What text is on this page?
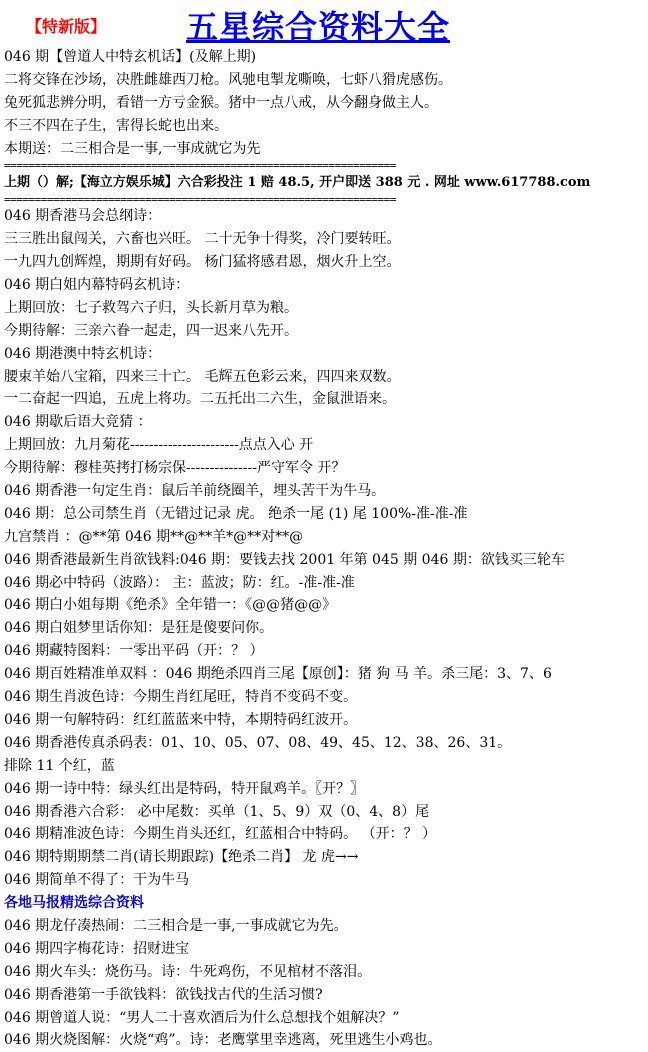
【特新版】 五星综合资料大全
046 期【曾道人中特玄机话】(及解上期)
二将交锋在沙场，决胜雌雄西刀枪。风驰电掣龙嘶唤，七虾八猾虎感伤。
兔死狐悲辨分明，看错一方亏金猴。猪中一点八戒，从今翻身做主人。
不三不四在子生，害得长蛇也出来。
本期送：二三相合是一事,一事成就它为先
================================================================
上期（）解;【海立方娱乐城】六合彩投注 1 赔 48.5, 开户即送 388 元 . 网址 www.617788.com
================================================================
046 期香港马会总纲诗：
三三胜出鼠闯关，六畜也兴旺。 二十无争十得奖，冷门要转旺。
一九四九创辉煌，期期有好码。 杨门猛将感君恩，烟火升上空。
046 期白姐内幕特码玄机诗：
上期回放：七子救驾六子归，头长新月草为粮。
今期待解：三亲六眷一起走，四一迟来八先开。
046 期港澳中特玄机诗：
腰束羊始八宝箱，四来三十亡。 毛辉五色彩云来，四四来双数。
一二奋起一四追，五虎上将功。二五托出二六生，金鼠泄语来。
046 期歇后语大竞猜 ：
上期回放：九月菊花-----------------------点点入心 开
今期待解：穆桂英拷打杨宗保---------------严守军令 开？
046 期香港一句定生肖：鼠后羊前绕圈羊，埋头苦干为牛马。
046 期：总公司禁生肖（无错过记录 虎。 绝杀一尾 (1) 尾 100%-准-准-准
九宫禁肖 ：@**第 046 期**@**羊*@**对**@
046 期香港最新生肖欲钱料:046 期：要钱去找 2001 年第 045 期 046 期：欲钱买三轮车
046 期必中特码（波路）： 主：蓝波；防：红。-准-准-准
046 期白小姐每期《绝杀》全年错一：《@@猪@@》
046 期白姐梦里话你知：是狂是傻要问你。
046 期藏特图料：一零出平码（开：？ ）
046 期百姓精准单双料 ：046 期绝杀四肖三尾【原创】：猪 狗 马 羊。杀三尾：3、7、6
046 期生肖波色诗：今期生肖红尾旺，特肖不变码不变。
046 期一句解特码：红红蓝蓝来中特，本期特码红波开。
046 期香港传真杀码表：01、10、05、07、08、49、45、12、38、26、31。
排除 11 个红，蓝
046 期一诗中特：绿头红出是特码，特开鼠鸡羊。〖开？〗
046 期香港六合彩： 必中尾数：买单（1、5、9）双（0、4、8）尾
046 期精准波色诗：今期生肖头还红，红蓝相合中特码。 （开：？ ）
046 期特期期禁二肖(请长期跟踪)【绝杀二肖】 龙 虎→→
046 期简单不得了：干为牛马
各地马报精选综合资料
046 期龙仔凑热闹：二三相合是一事,一事成就它为先。
046 期四字梅花诗：招财进宝
046 期火车头：烧伤马。诗：牛死鸡伤，不见棺材不落泪。
046 期香港第一手欲钱料：欲钱找古代的生活习惯?
046 期曾道人说：“男人二十喜欢酒后为什么总想找个姐解决？”
046 期火烧图解：火烧“鸡”。诗：老鹰掌里幸逃离，死里逃生小鸡也。
